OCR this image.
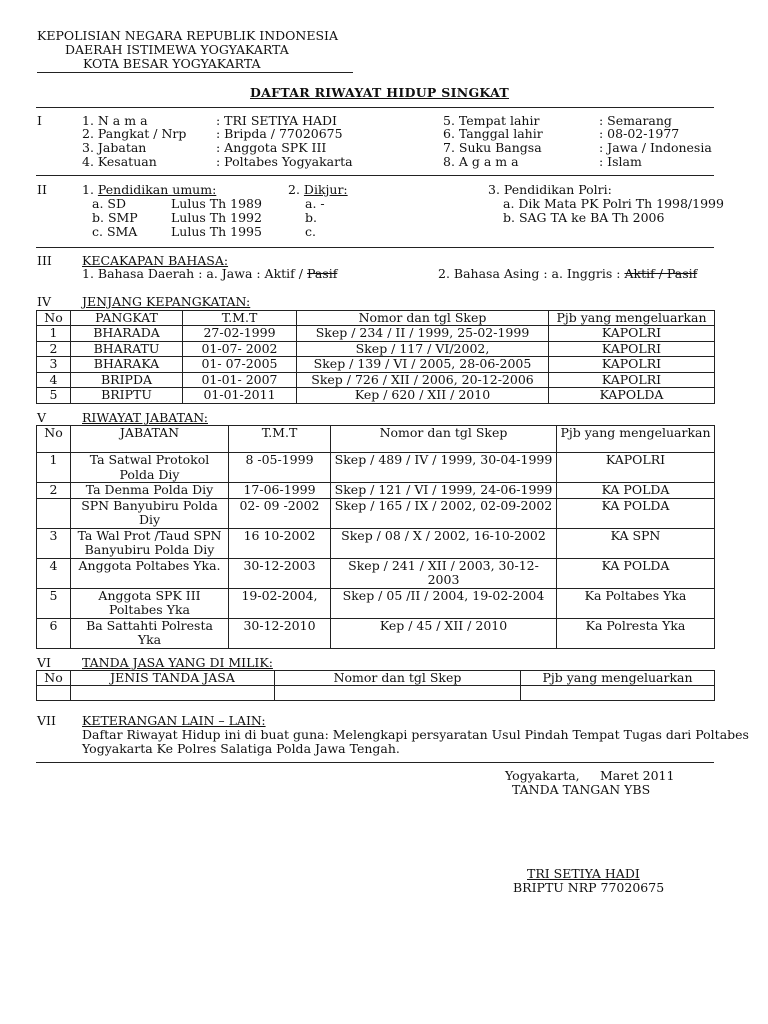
KEPOLISIAN NEGARA REPUBLIK INDONESIA
DAERAH ISTIMEWA YOGYAKARTA
KOTA BESAR YOGYAKARTA
DAFTAR RIWAYAT HIDUP SINGKAT
I	1. N a m a	: TRI SETIYA HADI
2. Pangkat / Nrp : Bripda / 77020675
3. Jabatan	: Anggota SPK III
4. Kesatuan	: Poltabes Yogyakarta
5. Tempat lahir	: Semarang
6. Tanggal lahir	: 08-02-1977
7. Suku Bangsa	: Jawa / Indonesia
8. A g a m a	: Islam
II	1. Pendidikan umum:
a. SD	Lulus Th 1989
b. SMP	Lulus Th 1992
c. SMA	Lulus Th 1995
2. Dikjur:
a. -
b.
c.
3. Pendidikan Polri:
a. Dik Mata PK Polri Th 1998/1999
b. SAG TA ke BA Th 2006
III KECAKAPAN BAHASA:
1. Bahasa Daerah : a. Jawa : Aktif / Pasif	2. Bahasa Asing : a. Inggris : Aktif / Pasif
IV JENJANG KEPANGKATAN:
No	PANGKAT	T.M.T	Nomor dan tgl Skep	Pjb yang mengeluarkan
1	BHARADA	27-02-1999	Skep / 234 / II / 1999, 25-02-1999	KAPOLRI
2	BHARATU	01-07- 2002	Skep / 117 / VI/2002,	KAPOLRI
3	BHARAKA	01- 07-2005	Skep / 139 / VI / 2005, 28-06-2005	KAPOLRI
4	BRIPDA	01-01- 2007	Skep / 726 / XII / 2006, 20-12-2006	KAPOLRI
5	BRIPTU	01-01-2011	Kep / 620 / XII / 2010	KAPOLDA
V	RIWAYAT JABATAN:
No	JABATAN	T.M.T	Nomor dan tgl Skep	Pjb yang mengeluarkan
1	Ta Satwal Protokol Polda Diy	8 -05-1999	Skep / 489 / IV / 1999, 30-04-1999	KAPOLRI
2	Ta Denma Polda Diy	17-06-1999	Skep / 121 / VI / 1999, 24-06-1999	KA POLDA
	SPN Banyubiru Polda Diy	02- 09 -2002	Skep / 165 / IX / 2002, 02-09-2002	KA POLDA
3	Ta Wal Prot /Taud SPN Banyubiru Polda Diy	16 10-2002	Skep / 08 / X / 2002, 16-10-2002	KA SPN
4	Anggota Poltabes Yka.	30-12-2003	Skep / 241 / XII / 2003, 30-12-2003	KA POLDA
5	Anggota SPK III Poltabes Yka	19-02-2004,	Skep / 05 /II / 2004, 19-02-2004	Ka Poltabes Yka
6	Ba Sattahti Polresta Yka	30-12-2010	Kep / 45 / XII / 2010	Ka Polresta Yka
VI TANDA JASA YANG DI MILIK:
No	JENIS TANDA JASA	Nomor dan tgl Skep	Pjb yang mengeluarkan

VII KETERANGAN LAIN – LAIN:
Daftar Riwayat Hidup ini di buat guna: Melengkapi persyaratan Usul Pindah Tempat Tugas dari Poltabes
Yogyakarta Ke Polres Salatiga Polda Jawa Tengah.
Yogyakarta, Maret 2011
TANDA TANGAN YBS
TRI SETIYA HADI
BRIPTU NRP 77020675
